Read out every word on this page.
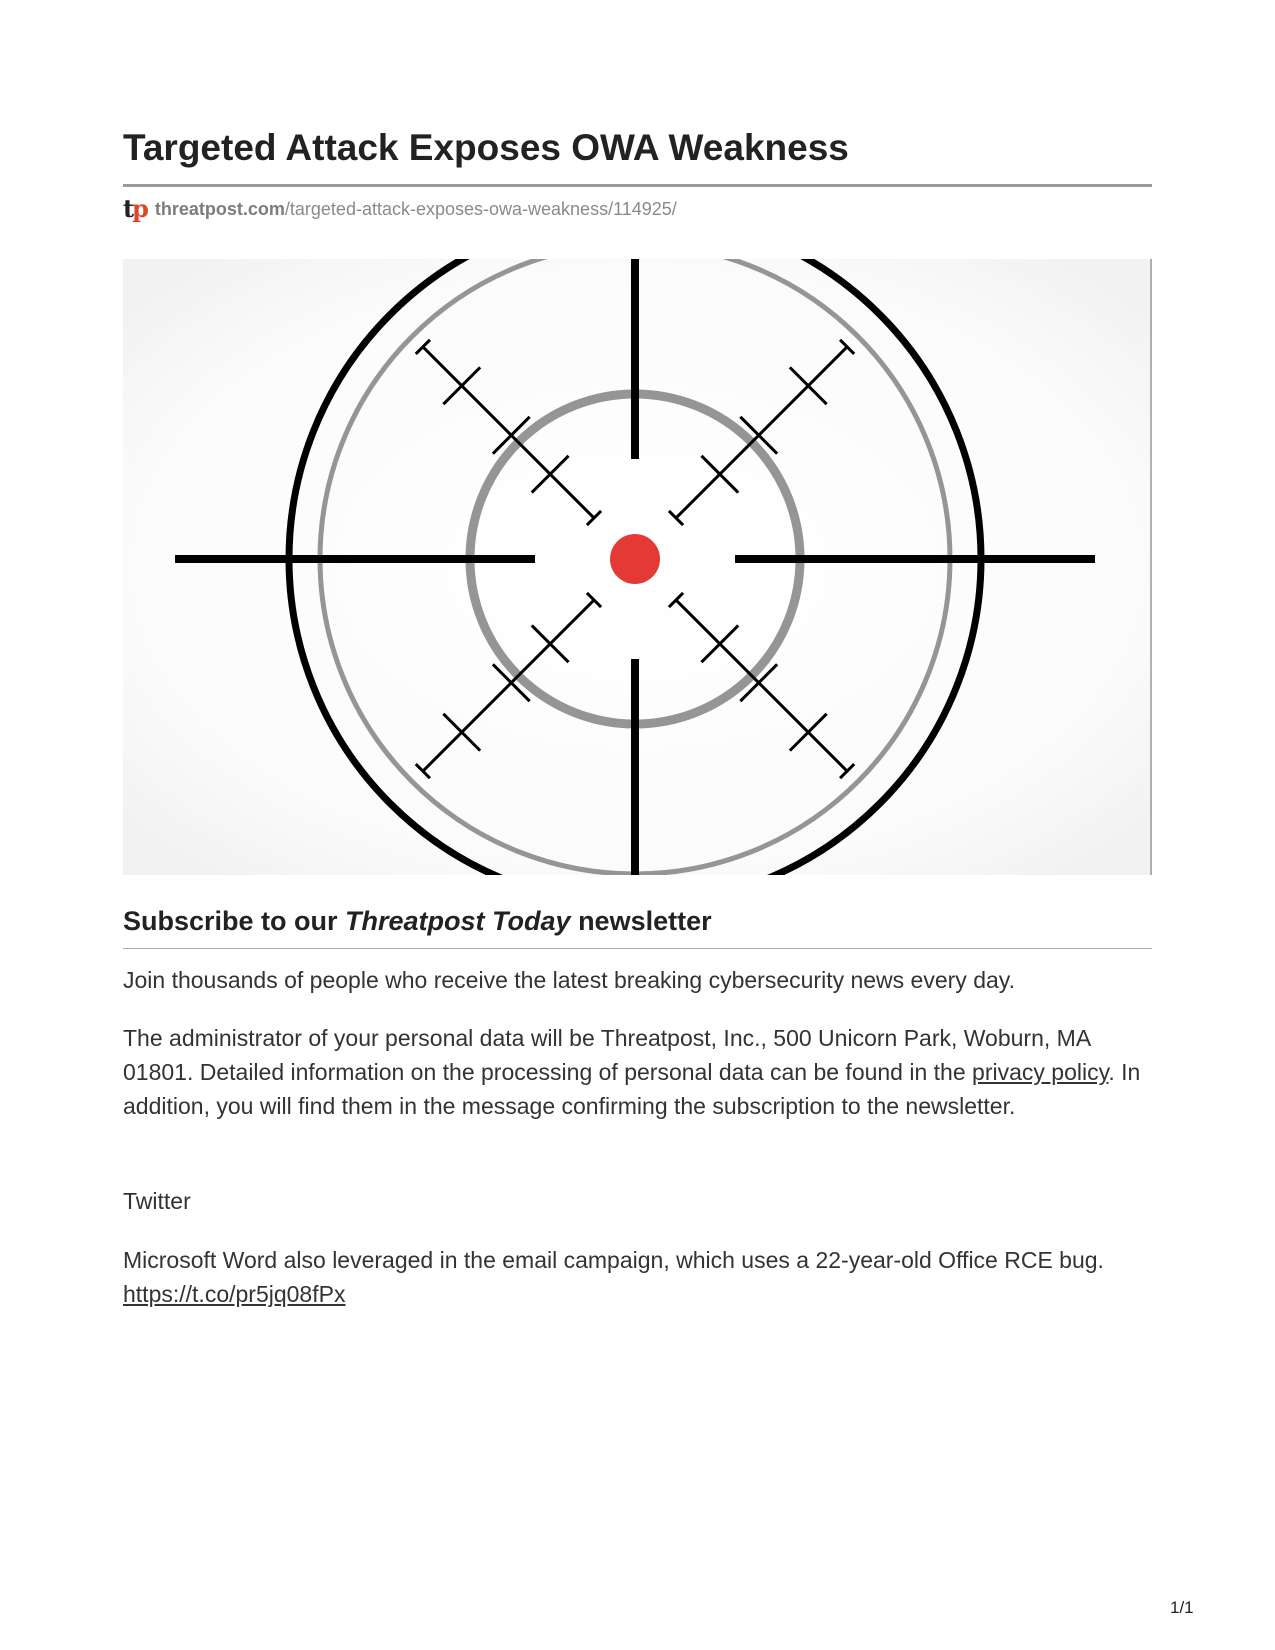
Targeted Attack Exposes OWA Weakness
tp threatpost.com /targeted-attack-exposes-owa-weakness/114925/
Subscribe to our Threatpost Today newsletter

Join thousands of people who receive the latest breaking cybersecurity news every day.

The administrator of your personal data will be Threatpost, Inc., 500 Unicorn Park, Woburn, MA 01801. Detailed information on the processing of personal data can be found in the privacy policy. In addition, you will find them in the message confirming the subscription to the newsletter.

Twitter

Microsoft Word also leveraged in the email campaign, which uses a 22-year-old Office RCE bug. https://t.co/pr5jq08fPx

1/1
